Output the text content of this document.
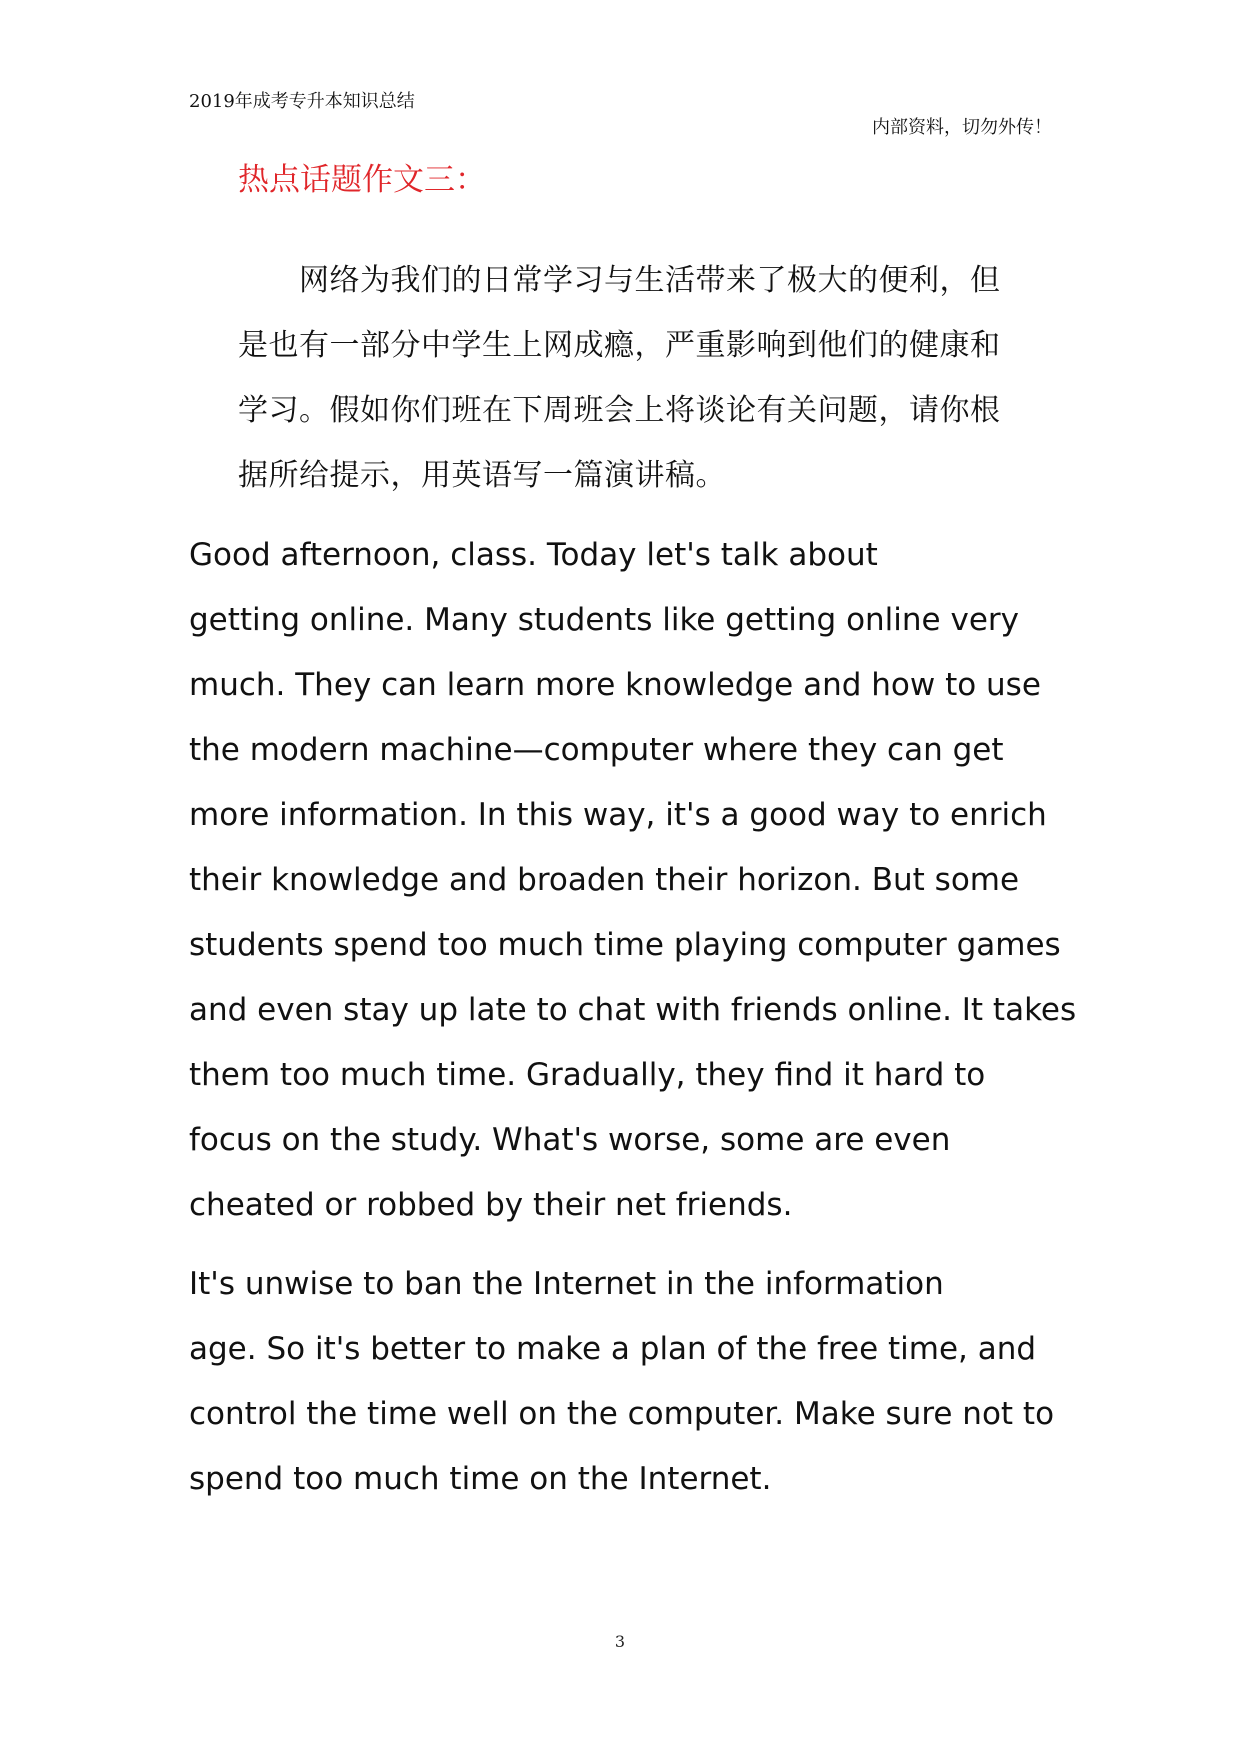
2019年成考专升本知识总结
内部资料，切勿外传！
热点话题作文三：
　　网络为我们的日常学习与生活带来了极大的便利，但
是也有一部分中学生上网成瘾，严重影响到他们的健康和
学习。假如你们班在下周班会上将谈论有关问题，请你根
据所给提示，用英语写一篇演讲稿。
Good afternoon, class. Today let's talk about
getting online. Many students like getting online very
much. They can learn more knowledge and how to use
the modern machine—computer where they can get
more information. In this way, it's a good way to enrich
their knowledge and broaden their horizon. But some
students spend too much time playing computer games
and even stay up late to chat with friends online. It takes
them too much time. Gradually, they find it hard to
focus on the study. What's worse, some are even
cheated or robbed by their net friends.
It's unwise to ban the Internet in the information
age. So it's better to make a plan of the free time, and
control the time well on the computer. Make sure not to
spend too much time on the Internet.
3
